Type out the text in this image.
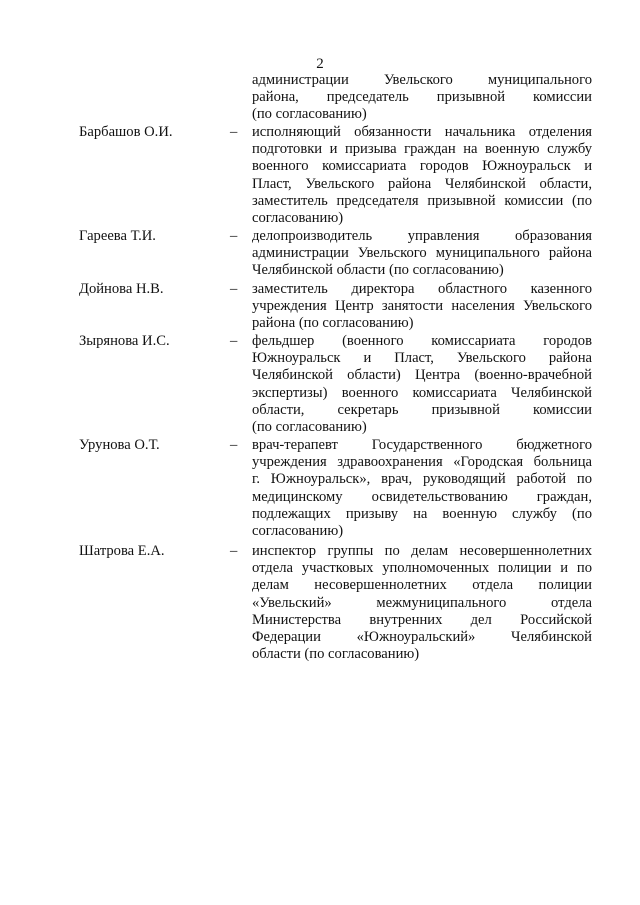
2
администрации Увельского муниципального
района, председатель призывной комиссии
(по согласованию)
Барбашов О.И.	– исполняющий обязанности начальника отделения
подготовки и призыва граждан на военную службу
военного комиссариата городов Южноуральск и
Пласт, Увельского района Челябинской области,
заместитель председателя призывной комиссии (по
согласованию)
Гареева Т.И.	– делопроизводитель управления образования
администрации Увельского муниципального района
Челябинской области (по согласованию)
Дойнова Н.В.	– заместитель директора областного казенного
учреждения Центр занятости населения Увельского
района (по согласованию)
Зырянова И.С.	– фельдшер (военного комиссариата городов
Южноуральск и Пласт, Увельского района
Челябинской области) Центра (военно-врачебной
экспертизы) военного комиссариата Челябинской
области, секретарь призывной комиссии
(по согласованию)
Урунова О.Т.	– врач-терапевт Государственного бюджетного
учреждения здравоохранения «Городская больница
г. Южноуральск», врач, руководящий работой по
медицинскому освидетельствованию граждан,
подлежащих призыву на военную службу (по
согласованию)
Шатрова Е.А.	– инспектор группы по делам несовершеннолетних
отдела участковых уполномоченных полиции и по
делам несовершеннолетних отдела полиции
«Увельский» межмуниципального отдела
Министерства внутренних дел Российской
Федерации «Южноуральский» Челябинской
области (по согласованию)
